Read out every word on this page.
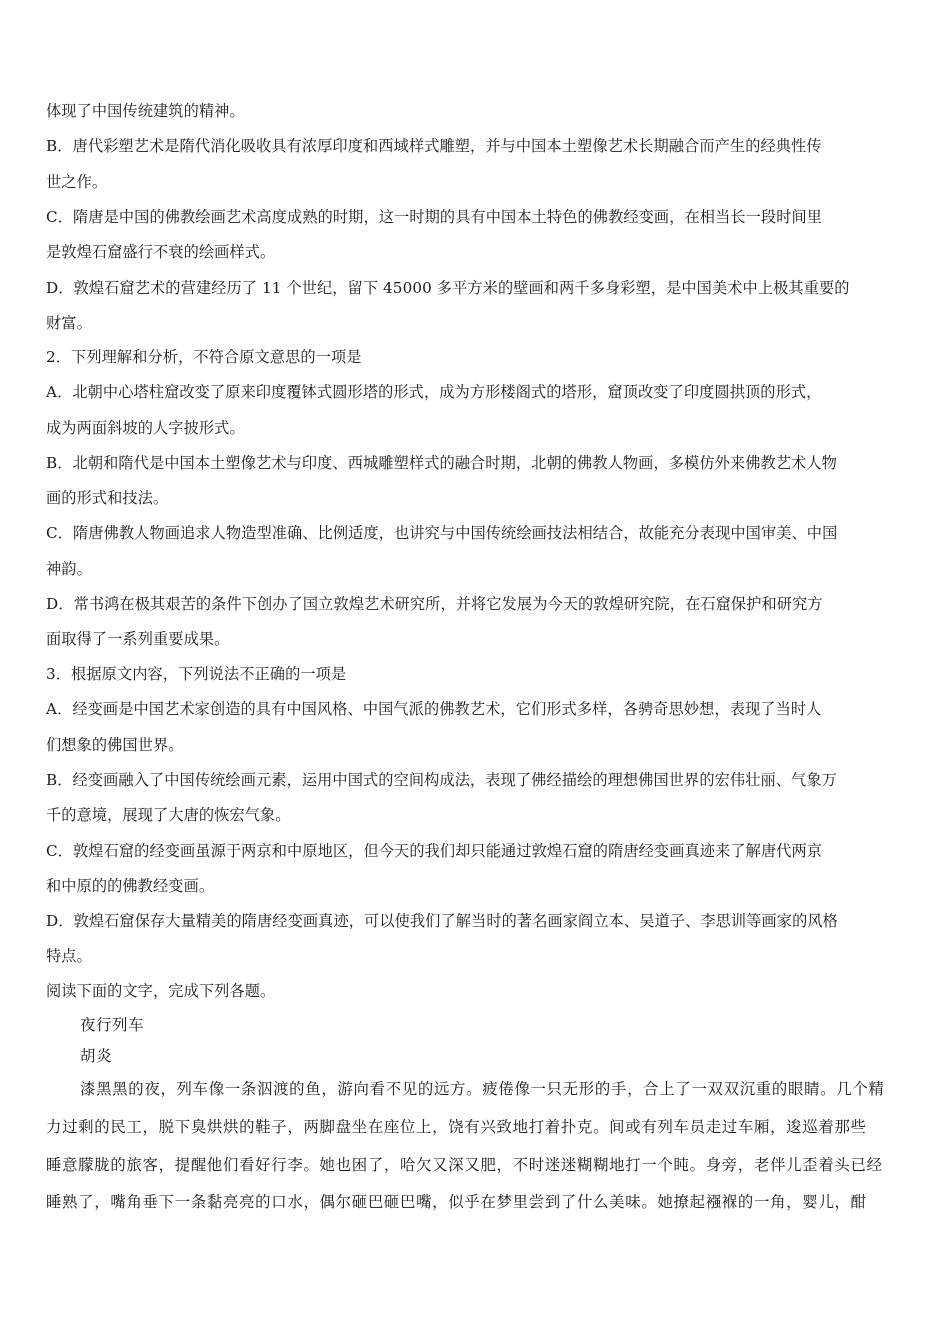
体现了中国传统建筑的精神。
B．唐代彩塑艺术是隋代消化吸收具有浓厚印度和西域样式雕塑，并与中国本土塑像艺术长期融合而产生的经典性传
世之作。
C．隋唐是中国的佛教绘画艺术高度成熟的时期，这一时期的具有中国本土特色的佛教经变画，在相当长一段时间里
是敦煌石窟盛行不衰的绘画样式。
D．敦煌石窟艺术的营建经历了 11 个世纪，留下 45000 多平方米的壁画和两千多身彩塑，是中国美术中上极其重要的
财富。
2．下列理解和分析，不符合原文意思的一项是
A．北朝中心塔柱窟改变了原来印度覆钵式圆形塔的形式，成为方形楼阁式的塔形，窟顶改变了印度圆拱顶的形式，
成为两面斜坡的人字披形式。
B．北朝和隋代是中国本土塑像艺术与印度、西城雕塑样式的融合时期，北朝的佛教人物画，多模仿外来佛教艺术人物
画的形式和技法。
C．隋唐佛教人物画追求人物造型准确、比例适度，也讲究与中国传统绘画技法相结合，故能充分表现中国审美、中国
神韵。
D．常书鸿在极其艰苦的条件下创办了国立敦煌艺术研究所，并将它发展为今天的敦煌研究院，在石窟保护和研究方
面取得了一系列重要成果。
3．根据原文内容，下列说法不正确的一项是
A．经变画是中国艺术家创造的具有中国风格、中国气派的佛教艺术，它们形式多样，各骋奇思妙想，表现了当时人
们想象的佛国世界。
B．经变画融入了中国传统绘画元素，运用中国式的空间构成法，表现了佛经描绘的理想佛国世界的宏伟壮丽、气象万
千的意境，展现了大唐的恢宏气象。
C．敦煌石窟的经变画虽源于两京和中原地区，但今天的我们却只能通过敦煌石窟的隋唐经变画真迹来了解唐代两京
和中原的的佛教经变画。
D．敦煌石窟保存大量精美的隋唐经变画真迹，可以使我们了解当时的著名画家阎立本、吴道子、李思训等画家的风格
特点。
阅读下面的文字，完成下列各题。
夜行列车
胡炎
漆黑黑的夜，列车像一条泅渡的鱼，游向看不见的远方。疲倦像一只无形的手，合上了一双双沉重的眼睛。几个精
力过剩的民工，脱下臭烘烘的鞋子，两脚盘坐在座位上，饶有兴致地打着扑克。间或有列车员走过车厢，逡巡着那些
睡意朦胧的旅客，提醒他们看好行李。她也困了，哈欠又深又肥，不时迷迷糊糊地打一个盹。身旁，老伴儿歪着头已经
睡熟了，嘴角垂下一条黏亮亮的口水，偶尔砸巴砸巴嘴，似乎在梦里尝到了什么美味。她撩起襁褓的一角，婴儿，酣
